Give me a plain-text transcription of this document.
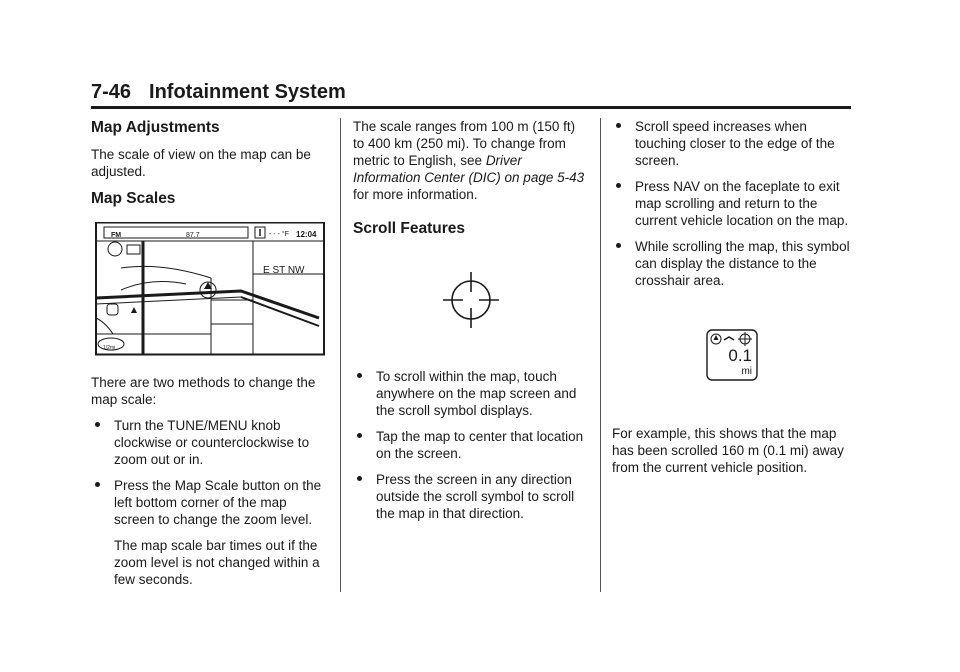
7-46 Infotainment System
Map Adjustments

The scale of view on the map can be adjusted.

Map Scales
FM	87.7	- - - °F 12:04
E ST NW
1/2mi

There are two methods to change the map scale:

Turn the TUNE/MENU knob clockwise or counterclockwise to zoom out or in.
Press the Map Scale button on the left bottom corner of the map screen to change the zoom level.

The map scale bar times out if the zoom level is not changed within a few seconds.

The scale ranges from 100 m (150 ft) to 400 km (250 mi). To change from metric to English, see Driver Information Center (DIC) on page 5-43 for more information.

Scroll Features
To scroll within the map, touch anywhere on the map screen and the scroll symbol displays.
Tap the map to center that location on the screen.
Press the screen in any direction outside the scroll symbol to scroll the map in that direction.
Scroll speed increases when touching closer to the edge of the screen.
Press NAV on the faceplate to exit map scrolling and return to the current vehicle location on the map.
While scrolling the map, this symbol can display the distance to the crosshair area.
0.1
mi

For example, this shows that the map has been scrolled 160 m (0.1 mi) away from the current vehicle position.
